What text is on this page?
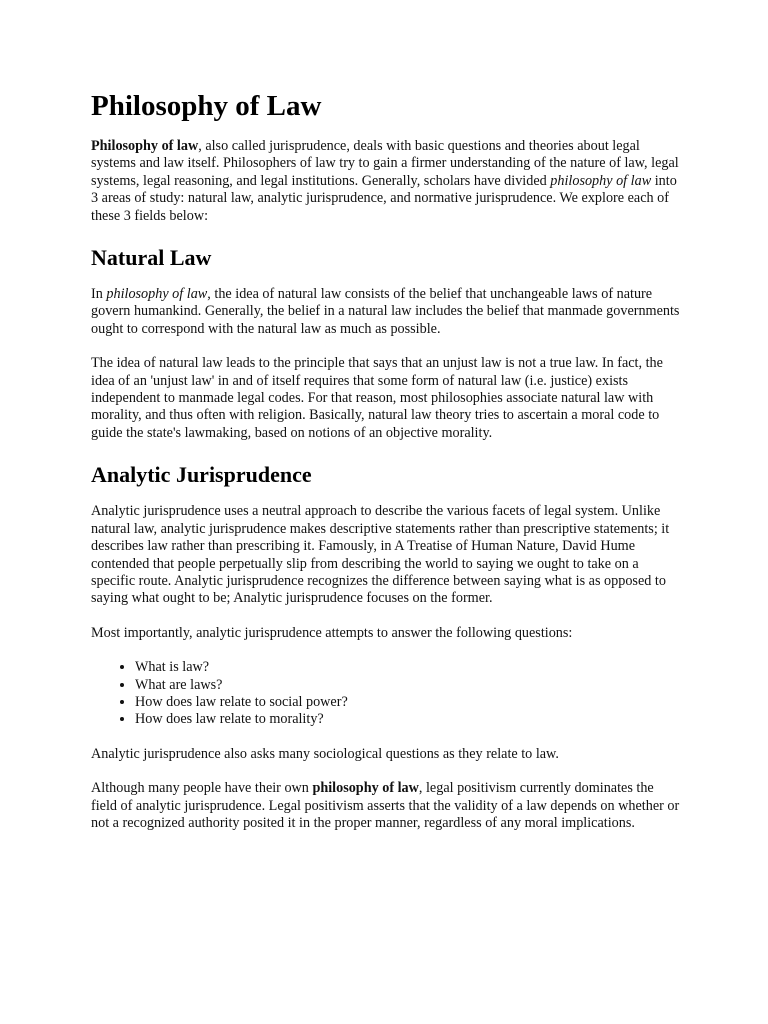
Philosophy of Law

Philosophy of law, also called jurisprudence, deals with basic questions and theories about legal systems and law itself. Philosophers of law try to gain a firmer understanding of the nature of law, legal systems, legal reasoning, and legal institutions. Generally, scholars have divided philosophy of law into 3 areas of study: natural law, analytic jurisprudence, and normative jurisprudence. We explore each of these 3 fields below:

Natural Law

In philosophy of law, the idea of natural law consists of the belief that unchangeable laws of nature govern humankind. Generally, the belief in a natural law includes the belief that manmade governments ought to correspond with the natural law as much as possible.

The idea of natural law leads to the principle that says that an unjust law is not a true law. In fact, the idea of an 'unjust law' in and of itself requires that some form of natural law (i.e. justice) exists independent to manmade legal codes. For that reason, most philosophies associate natural law with morality, and thus often with religion. Basically, natural law theory tries to ascertain a moral code to guide the state's lawmaking, based on notions of an objective morality.

Analytic Jurisprudence

Analytic jurisprudence uses a neutral approach to describe the various facets of legal system. Unlike natural law, analytic jurisprudence makes descriptive statements rather than prescriptive statements; it describes law rather than prescribing it. Famously, in A Treatise of Human Nature, David Hume contended that people perpetually slip from describing the world to saying we ought to take on a specific route. Analytic jurisprudence recognizes the difference between saying what is as opposed to saying what ought to be; Analytic jurisprudence focuses on the former.

Most importantly, analytic jurisprudence attempts to answer the following questions:

• What is law?
• What are laws?
• How does law relate to social power?
• How does law relate to morality?

Analytic jurisprudence also asks many sociological questions as they relate to law.

Although many people have their own philosophy of law, legal positivism currently dominates the field of analytic jurisprudence. Legal positivism asserts that the validity of a law depends on whether or not a recognized authority posited it in the proper manner, regardless of any moral implications.
